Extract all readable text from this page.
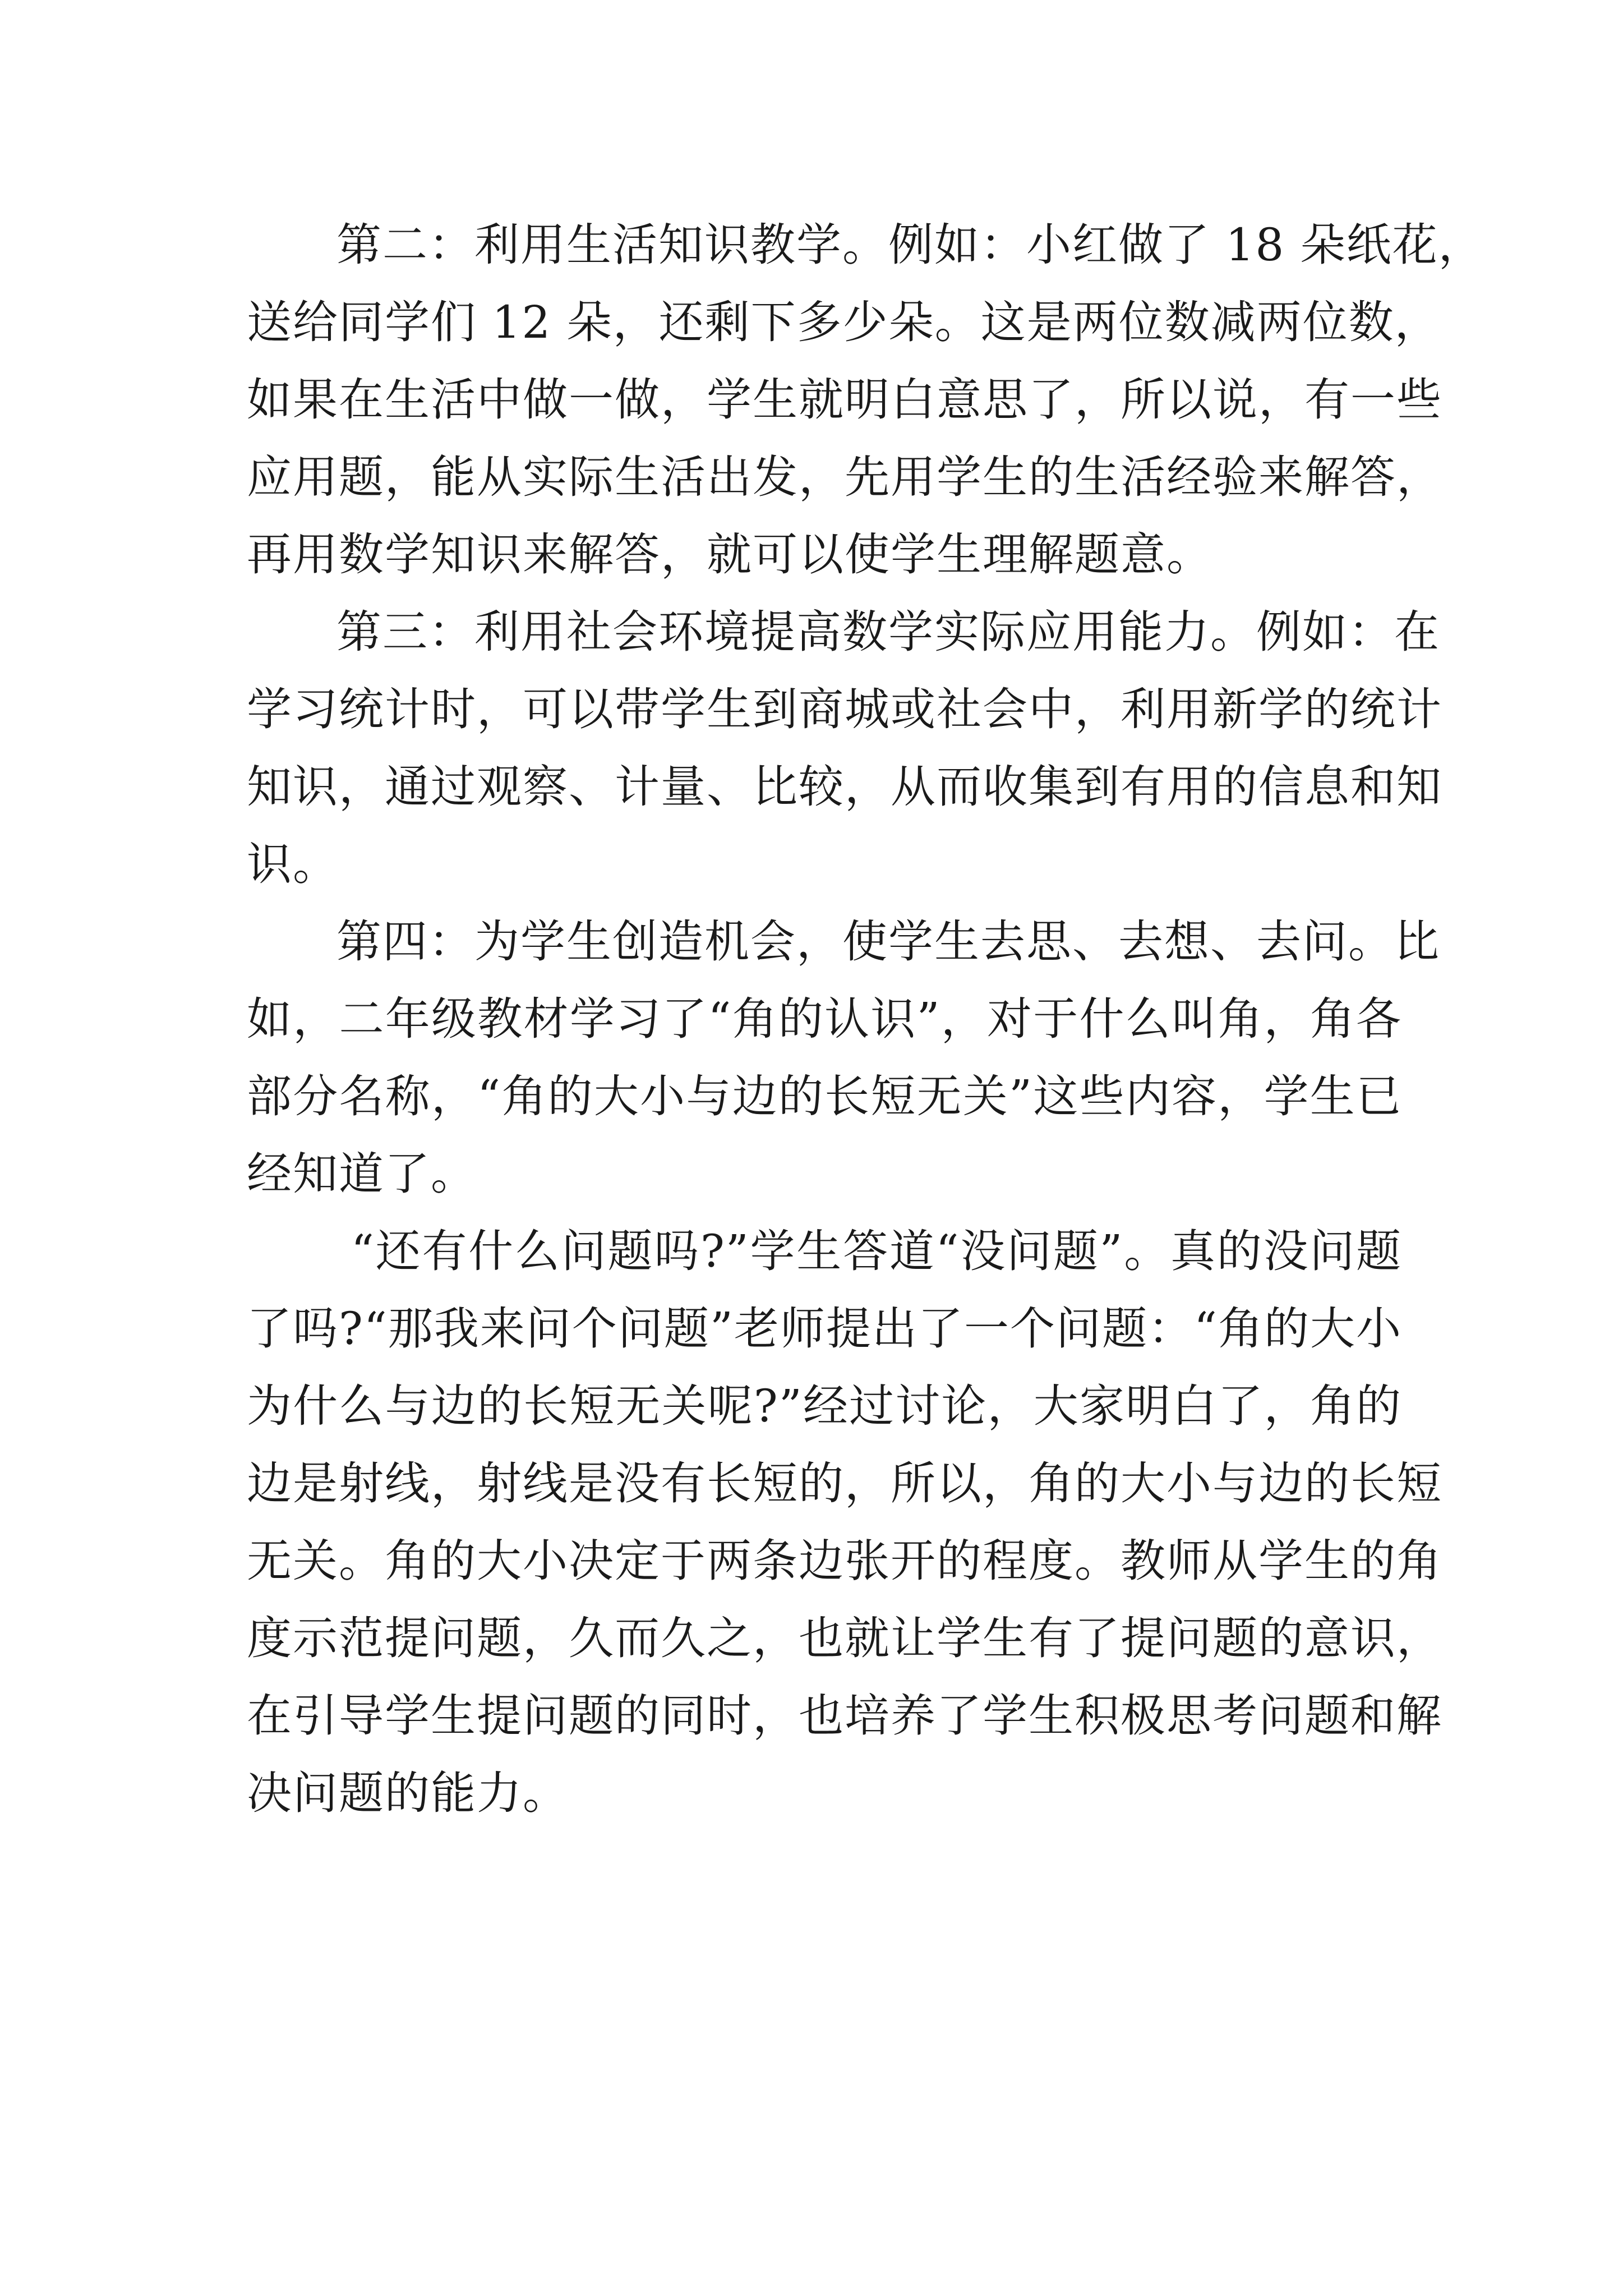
第二：利用生活知识教学。例如：小红做了 18 朵纸花，
送给同学们 12 朵，还剩下多少朵。这是两位数减两位数，
如果在生活中做一做，学生就明白意思了，所以说，有一些
应用题，能从实际生活出发，先用学生的生活经验来解答，
再用数学知识来解答，就可以使学生理解题意。
第三：利用社会环境提高数学实际应用能力。例如：在
学习统计时，可以带学生到商城或社会中，利用新学的统计
知识，通过观察、计量、比较，从而收集到有用的信息和知
识。
第四：为学生创造机会，使学生去思、去想、去问。比
如，二年级教材学习了“角的认识”，对于什么叫角，角各
部分名称，“角的大小与边的长短无关”这些内容，学生已
经知道了。
“还有什么问题吗?”学生答道“没问题”。真的没问题
了吗?“那我来问个问题”老师提出了一个问题：“角的大小
为什么与边的长短无关呢?”经过讨论，大家明白了，角的
边是射线，射线是没有长短的，所以，角的大小与边的长短
无关。角的大小决定于两条边张开的程度。教师从学生的角
度示范提问题，久而久之，也就让学生有了提问题的意识，
在引导学生提问题的同时，也培养了学生积极思考问题和解
决问题的能力。
